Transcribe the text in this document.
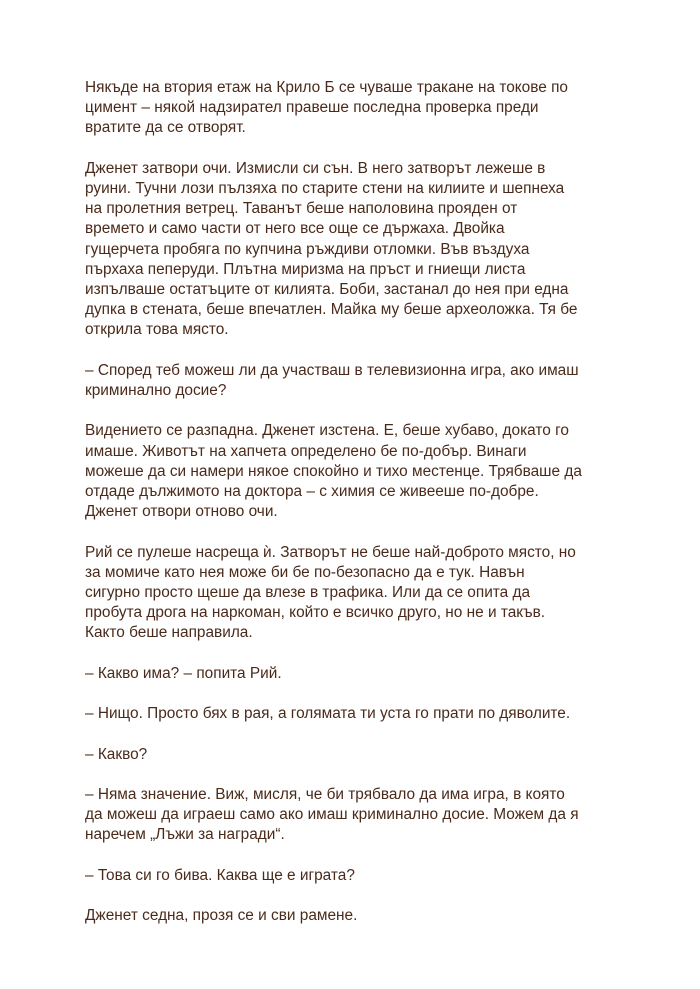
Някъде на втория етаж на Крило Б се чуваше тракане на токове по
цимент – някой надзирател правеше последна проверка преди
вратите да се отворят.

Дженет затвори очи. Измисли си сън. В него затворът лежеше в
руини. Тучни лози пълзяха по старите стени на килиите и шепнеха
на пролетния ветрец. Таванът беше наполовина прояден от
времето и само части от него все още се държаха. Двойка
гущерчета пробягa по купчина ръждиви отломки. Във въздуха
пърхаха пеперуди. Плътна миризма на пръст и гниещи листа
изпълваше остатъците от килията. Боби, застанал до нея при една
дупка в стената, беше впечатлен. Майка му беше археоложка. Тя бе
открила това място.

– Според теб можеш ли да участваш в телевизионна игра, ако имаш
криминално досие?

Видението се разпадна. Дженет изстена. Е, беше хубаво, докато го
имаше. Животът на хапчета определено бе по-добър. Винаги
можеше да си намери някое спокойно и тихо местенце. Трябваше да
отдаде дължимото на доктора – с химия се живееше по-добре.
Дженет отвори отново очи.

Рий се пулеше насреща ѝ. Затворът не беше най-доброто място, но
за момиче като нея може би бе по-безопасно да е тук. Навън
сигурно просто щеше да влезе в трафика. Или да се опита да
пробута дрога на наркоман, който е всичко друго, но не и такъв.
Както беше направила.

– Какво има? – попита Рий.

– Нищо. Просто бях в рая, а голямата ти уста го прати по дяволите.

– Какво?

– Няма значение. Виж, мисля, че би трябвало да има игра, в която
да можеш да играеш само ако имаш криминално досие. Можем да я
наречем „Лъжи за награди“.

– Това си го бива. Каква ще е играта?

Дженет седна, прозя се и сви рамене.
